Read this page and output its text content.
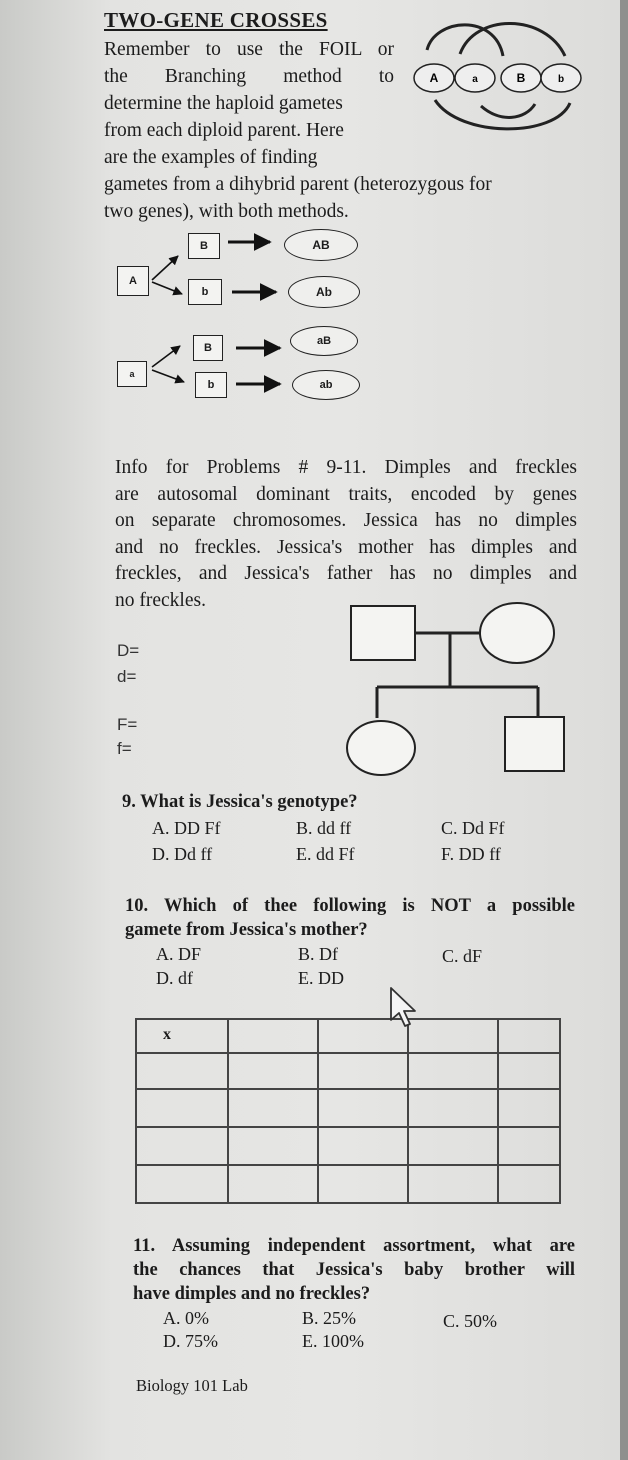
TWO-GENE CROSSES
Remember to use the FOIL or
the Branching method to
determine the haploid gametes
from each diploid parent. Here
are the examples of finding
gametes from a dihybrid parent (heterozygous for
two genes), with both methods.
A	a	B	b
A
B
b
AB
Ab
a
B
b
aB
ab
Info for Problems # 9-11. Dimples and freckles
are autosomal dominant traits, encoded by genes
on separate chromosomes. Jessica has no dimples
and no freckles. Jessica's mother has dimples and
freckles, and Jessica's father has no dimples and
no freckles.
D=
d=
F=
f=
9. What is Jessica's genotype?
A. DD Ff	B. dd ff	C. Dd Ff
D. Dd ff	E. dd Ff	F. DD ff
10. Which of thee following is NOT a possible
gamete from Jessica's mother?
A. DF	B. Df	C. dF
D. df	E. DD
x				

11. Assuming independent assortment, what are
the chances that Jessica's baby brother will
have dimples and no freckles?
A. 0%	B. 25%	C. 50%
D. 75%	E. 100%
Biology 101 Lab
